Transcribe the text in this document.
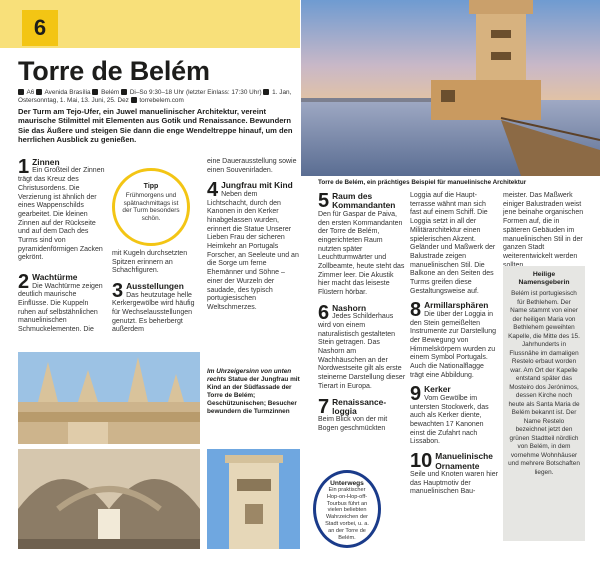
6
Torre de Belém
A6 Avenida Brasília Belém Di–So 9:30–18 Uhr (letzter Einlass: 17:30 Uhr) 1. Jan, Ostersonntag, 1. Mai, 13. Juni, 25. Dez torrebelem.com
Der Turm am Tejo-Ufer, ein Juwel manuelinischer Architektur, vereint maurische Stilmittel mit Elementen aus Gotik und Renaissance. Bewundern Sie das Äußere und steigen Sie dann die enge Wendeltreppe hinauf, um den herrlichen Ausblick zu genießen.
Torre de Belém, ein prächtiges Beispiel für manuelinische Architektur
1 Zinnen
Ein Großteil der Zinnen trägt das Kreuz des Christusordens. Die Verzierung ist ähnlich der eines Wappenschilds gearbeitet. Die kleinen Zinnen auf der Rückseite und auf dem Dach des Turms sind von pyramidenförmigen Zacken gekrönt.
2 Wachtürme
Die Wachtürme zeigen deutlich maurische Einflüsse. Die Kuppeln ruhen auf selbstähnlichen manuelinischen Schmuckelementen. Die
Tipp
Frühmorgens und spätnachmittags ist der Turm besonders schön.
mit Kugeln durchsetzten Spitzen erinnern an Schachfiguren.
3 Ausstellungen
Das heutzutage helle Kerkergewölbe wird häufig für Wechselausstellungen genutzt. Es beherbergt außerdem
eine Dauerausstellung sowie einen Souvenirladen.
4 Jungfrau mit Kind
Neben dem Lichtschacht, durch den Kanonen in den Kerker hinabgelassen wurden, erinnert die Statue Unserer Lieben Frau der sicheren Heimkehr an Portugals Forscher, an Seeleute und an die Sorge um ferne Ehemänner und Söhne – einer der Wurzeln der saudade, des typisch portugiesischen Weltschmerzes.
Im Uhrzeigersinn von unten rechts Statue der Jungfrau mit Kind an der Südfassade der Torre de Belém; Geschützunischen; Besucher bewundern die Turmzinnen
5 Raum des Kommandanten
Den für Gaspar de Paiva, den ersten Kommandanten der Torre de Belém, eingerichteten Raum nutzten später Leuchtturmwärter und Zollbeamte, heute steht das Zimmer leer. Die Akustik hier macht das leiseste Flüstern hörbar.
6 Nashorn
Jedes Schilderhaus wird von einem naturalistisch gestalteten Stein getragen. Das Nashorn am Wachhäuschen an der Nordwestseite gilt als erste steinerne Darstellung dieser Tierart in Europa.
7 Renaissance-loggia
Beim Blick von der mit Bogen geschmückten
Unterwegs
Ein praktischer Hop-on-Hop-off-Tourbus führt an vielen beliebten Wahrzeichen der Stadt vorbei, u. a. an der Torre de Belém.
Loggia auf die Hauptterrasse wähnt man sich fast auf einem Schiff. Die Loggia setzt in all der Militärarchitektur einen spielerischen Akzent. Geländer und Maßwerk der Balustrade zeigen manuelinischen Stil. Die Balkone an den Seiten des Turms greifen diese Gestaltungsweise auf.
8 Armillarsphären
Die über der Loggia in den Stein gemeißelten Instrumente zur Darstellung der Bewegung von Himmelskörpern wurden zu einem Symbol Portugals. Auch die Nationalflagge trägt eine Abbildung.
9 Kerker
Vom Gewölbe im untersten Stockwerk, das auch als Kerker diente, bewachten 17 Kanonen einst die Zufahrt nach Lissabon.
10 Manuelinische Ornamente
Seile und Knoten waren hier das Hauptmotiv der manuelinischen Bau-
meister. Das Maßwerk einiger Balustraden weist jene beinahe organischen Formen auf, die in späteren Gebäuden im manuelinischen Stil in der ganzen Stadt weiterentwickelt werden
Heilige Namensgeberin
Belém ist portugiesisch für Bethlehem. Der Name stammt von einer der heiligen Maria von Bethlehem geweihten Kapelle, die Mitte des 15. Jahrhunderts in Flussnähe im damaligen Restelo erbaut worden war. Am Ort der Kapelle entstand später das Mosteiro dos Jerónimos, dessen Kirche noch heute als Santa Maria de Belém bekannt ist. Der Name Restelo bezeichnet jetzt den grünen Stadtteil nördlich von Belém, in dem vornehme Wohnhäuser und mehrere Botschaften liegen.
